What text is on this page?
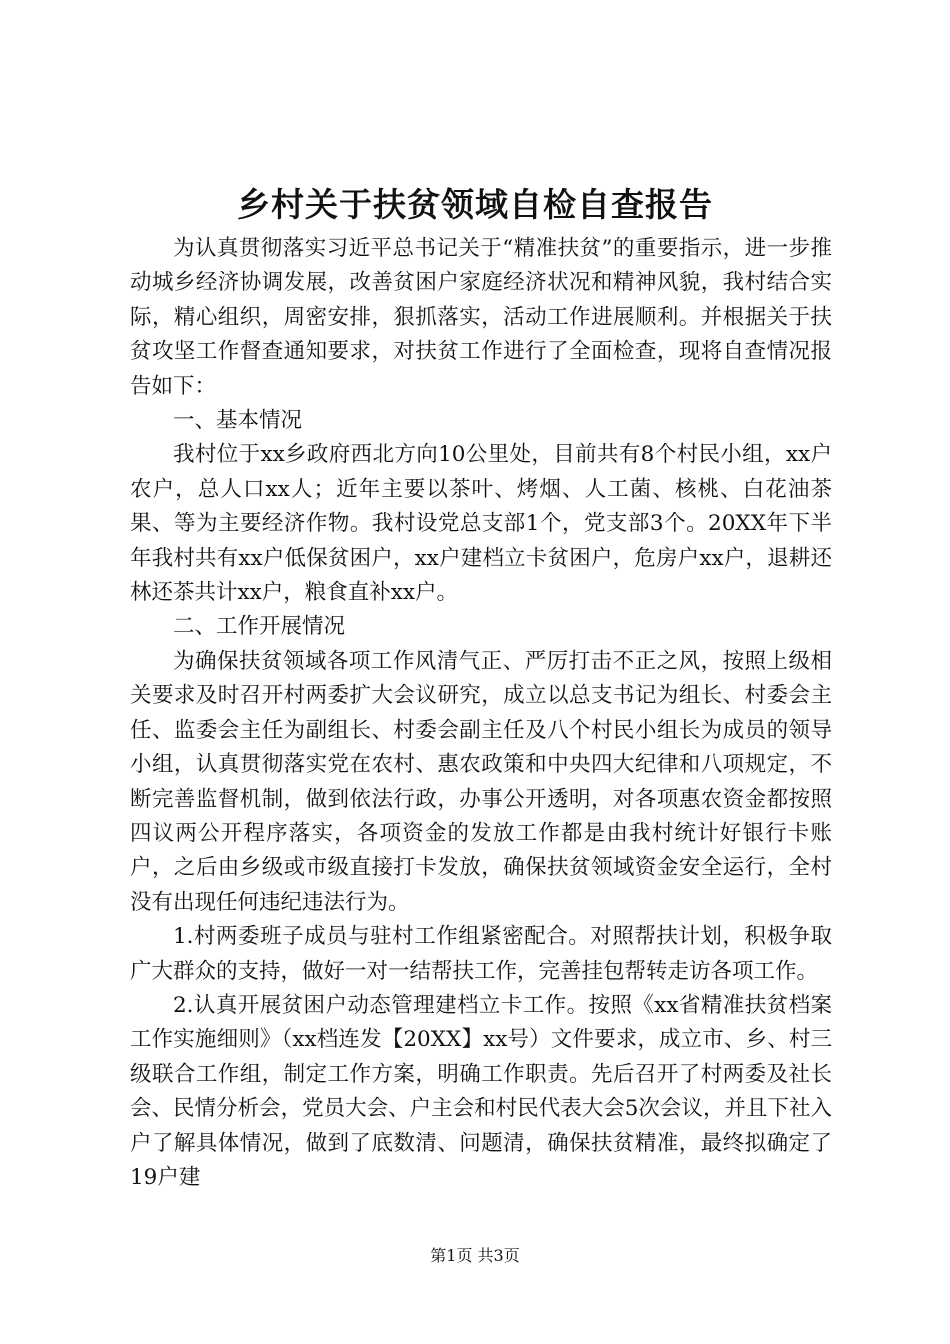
乡村关于扶贫领域自检自查报告

为认真贯彻落实习近平总书记关于“精准扶贫”的重要指示，进一步推动城乡经济协调发展，改善贫困户家庭经济状况和精神风貌，我村结合实际，精心组织，周密安排，狠抓落实，活动工作进展顺利。并根据关于扶贫攻坚工作督查通知要求，对扶贫工作进行了全面检查，现将自查情况报告如下：

一、基本情况

我村位于xx乡政府西北方向10公里处，目前共有8个村民小组，xx户农户，总人口xx人；近年主要以茶叶、烤烟、人工菌、核桃、白花油茶果、等为主要经济作物。我村设党总支部1个，党支部3个。20XX年下半年我村共有xx户低保贫困户，xx户建档立卡贫困户，危房户xx户，退耕还林还茶共计xx户，粮食直补xx户。

二、工作开展情况

为确保扶贫领域各项工作风清气正、严厉打击不正之风，按照上级相关要求及时召开村两委扩大会议研究，成立以总支书记为组长、村委会主任、监委会主任为副组长、村委会副主任及八个村民小组长为成员的领导小组，认真贯彻落实党在农村、惠农政策和中央四大纪律和八项规定，不断完善监督机制，做到依法行政，办事公开透明，对各项惠农资金都按照四议两公开程序落实，各项资金的发放工作都是由我村统计好银行卡账户，之后由乡级或市级直接打卡发放，确保扶贫领域资金安全运行，全村没有出现任何违纪违法行为。

1.村两委班子成员与驻村工作组紧密配合。对照帮扶计划，积极争取广大群众的支持，做好一对一结帮扶工作，完善挂包帮转走访各项工作。

2.认真开展贫困户动态管理建档立卡工作。按照《xx省精准扶贫档案工作实施细则》（xx档连发【20XX】xx号）文件要求，成立市、乡、村三级联合工作组，制定工作方案，明确工作职责。先后召开了村两委及社长会、民情分析会，党员大会、户主会和村民代表大会5次会议，并且下社入户了解具体情况，做到了底数清、问题清，确保扶贫精准，最终拟确定了19户建

第1页 共3页
